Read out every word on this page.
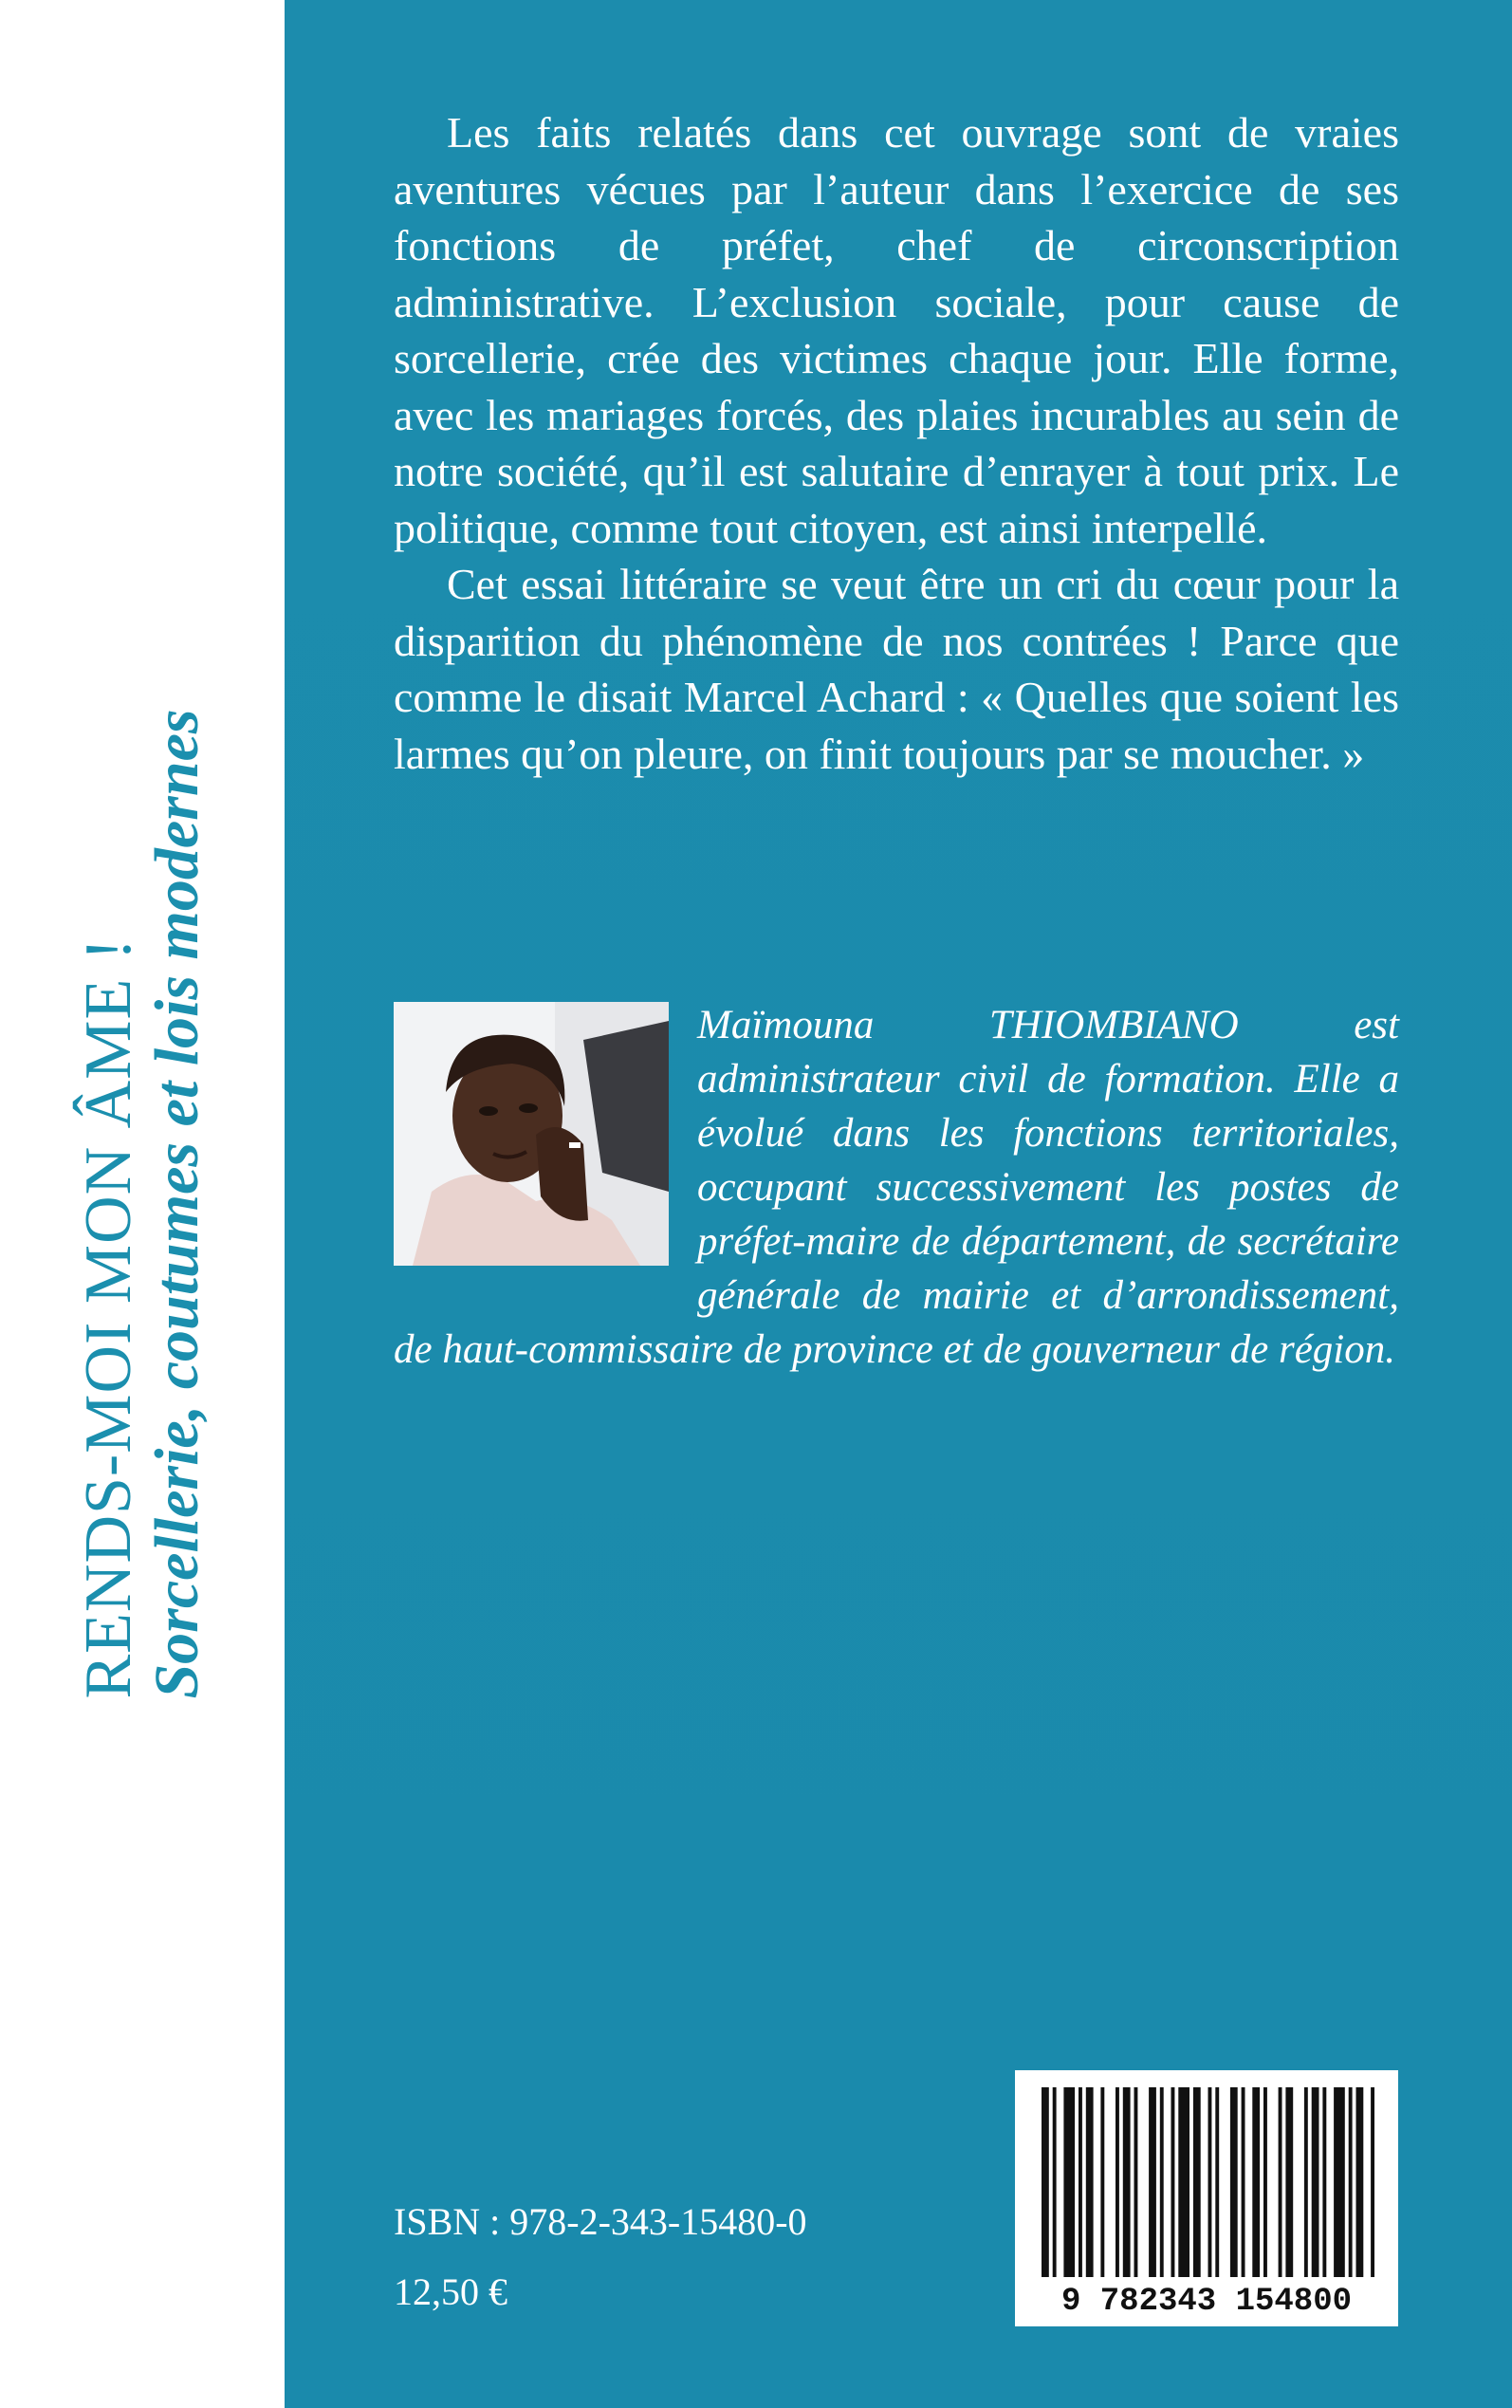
RENDS-MOI MON ÂME !
Sorcellerie, coutumes et lois modernes

Les faits relatés dans cet ouvrage sont de vraies aventures vécues par l’auteur dans l’exercice de ses fonctions de préfet, chef de circonscription administrative. L’exclusion sociale, pour cause de sorcellerie, crée des victimes chaque jour. Elle forme, avec les mariages forcés, des plaies incurables au sein de notre société, qu’il est salutaire d’enrayer à tout prix. Le politique, comme tout citoyen, est ainsi interpellé.

Cet essai littéraire se veut être un cri du cœur pour la disparition du phénomène de nos contrées ! Parce que comme le disait Marcel Achard : « Quelles que soient les larmes qu’on pleure, on finit toujours par se moucher. »

Maïmouna THIOMBIANO est administrateur civil de formation. Elle a évolué dans les fonctions territoriales, occupant successivement les postes de préfet-maire de département, de secrétaire générale de mairie et d’arrondissement, de haut-commissaire de province et de gouverneur de région.
ISBN : 978-2-343-15480-0
12,50 €	9 782343 154800
